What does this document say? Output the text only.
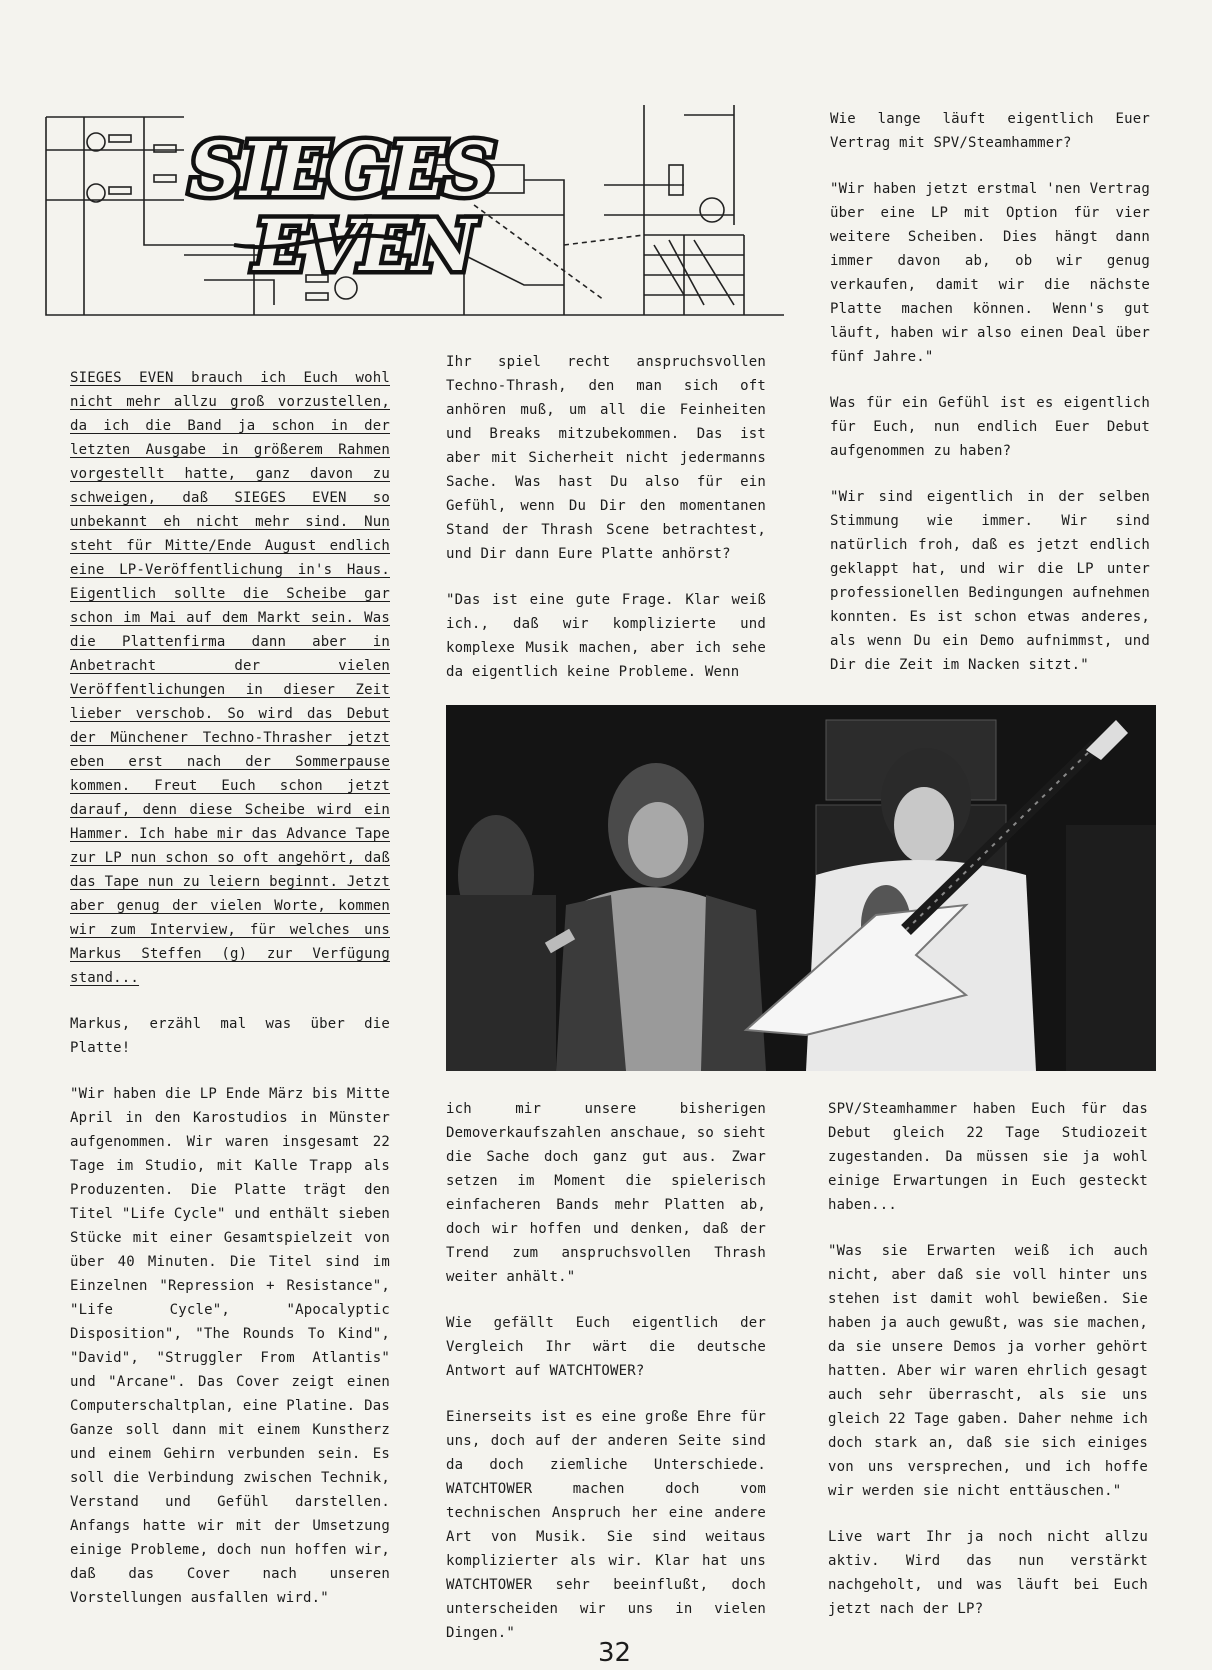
SIEGES
EVEN

SIEGES EVEN brauch ich Euch wohl nicht mehr allzu groß vorzustellen, da ich die Band ja schon in der letzten Ausgabe in größerem Rahmen vorgestellt hatte, ganz davon zu schweigen, daß SIEGES EVEN so unbekannt eh nicht mehr sind. Nun steht für Mitte/Ende August endlich eine LP-Veröffentlichung in's Haus. Eigentlich sollte die Scheibe gar schon im Mai auf dem Markt sein. Was die Plattenfirma dann aber in Anbetracht der vielen Veröffentlichungen in dieser Zeit lieber verschob. So wird das Debut der Münchener Techno-Thrasher jetzt eben erst nach der Sommerpause kommen. Freut Euch schon jetzt darauf, denn diese Scheibe wird ein Hammer. Ich habe mir das Advance Tape zur LP nun schon so oft angehört, daß das Tape nun zu leiern beginnt. Jetzt aber genug der vielen Worte, kommen wir zum Interview, für welches uns Markus Steffen (g) zur Verfügung stand...

Markus, erzähl mal was über die Platte!

"Wir haben die LP Ende März bis Mitte April in den Karostudios in Münster aufgenommen. Wir waren insgesamt 22 Tage im Studio, mit Kalle Trapp als Produzenten. Die Platte trägt den Titel "Life Cycle" und enthält sieben Stücke mit einer Gesamtspielzeit von über 40 Minuten. Die Titel sind im Einzelnen "Repression + Resistance", "Life Cycle", "Apocalyptic Disposition", "The Rounds To Kind", "David", "Struggler From Atlantis" und "Arcane". Das Cover zeigt einen Computerschaltplan, eine Platine. Das Ganze soll dann mit einem Kunstherz und einem Gehirn verbunden sein. Es soll die Verbindung zwischen Technik, Verstand und Gefühl darstellen. Anfangs hatte wir mit der Umsetzung einige Probleme, doch nun hoffen wir, daß das Cover nach unseren Vorstellungen ausfallen wird."

Ihr spiel recht anspruchsvollen Techno-Thrash, den man sich oft anhören muß, um all die Feinheiten und Breaks mitzubekommen. Das ist aber mit Sicherheit nicht jedermanns Sache. Was hast Du also für ein Gefühl, wenn Du Dir den momentanen Stand der Thrash Scene betrachtest, und Dir dann Eure Platte anhörst?

"Das ist eine gute Frage. Klar weiß ich., daß wir komplizierte und komplexe Musik machen, aber ich sehe da eigentlich keine Probleme. Wenn

Wie lange läuft eigentlich Euer Vertrag mit SPV/Steamhammer?

"Wir haben jetzt erstmal 'nen Vertrag über eine LP mit Option für vier weitere Scheiben. Dies hängt dann immer davon ab, ob wir genug verkaufen, damit wir die nächste Platte machen können. Wenn's gut läuft, haben wir also einen Deal über fünf Jahre."

Was für ein Gefühl ist es eigentlich für Euch, nun endlich Euer Debut aufgenommen zu haben?

"Wir sind eigentlich in der selben Stimmung wie immer. Wir sind natürlich froh, daß es jetzt endlich geklappt hat, und wir die LP unter professionellen Bedingungen aufnehmen konnten. Es ist schon etwas anderes, als wenn Du ein Demo aufnimmst, und Dir die Zeit im Nacken sitzt."

ich mir unsere bisherigen Demoverkaufszahlen anschaue, so sieht die Sache doch ganz gut aus. Zwar setzen im Moment die spielerisch einfacheren Bands mehr Platten ab, doch wir hoffen und denken, daß der Trend zum anspruchsvollen Thrash weiter anhält."

Wie gefällt Euch eigentlich der Vergleich Ihr wärt die deutsche Antwort auf WATCHTOWER?

Einerseits ist es eine große Ehre für uns, doch auf der anderen Seite sind da doch ziemliche Unterschiede. WATCHTOWER machen doch vom technischen Anspruch her eine andere Art von Musik. Sie sind weitaus komplizierter als wir. Klar hat uns WATCHTOWER sehr beeinflußt, doch unterscheiden wir uns in vielen Dingen."

SPV/Steamhammer haben Euch für das Debut gleich 22 Tage Studiozeit zugestanden. Da müssen sie ja wohl einige Erwartungen in Euch gesteckt haben...

"Was sie Erwarten weiß ich auch nicht, aber daß sie voll hinter uns stehen ist damit wohl bewießen. Sie haben ja auch gewußt, was sie machen, da sie unsere Demos ja vorher gehört hatten. Aber wir waren ehrlich gesagt auch sehr überrascht, als sie uns gleich 22 Tage gaben. Daher nehme ich doch stark an, daß sie sich einiges von uns versprechen, und ich hoffe wir werden sie nicht enttäuschen."

Live wart Ihr ja noch nicht allzu aktiv. Wird das nun verstärkt nachgeholt, und was läuft bei Euch jetzt nach der LP?

32
